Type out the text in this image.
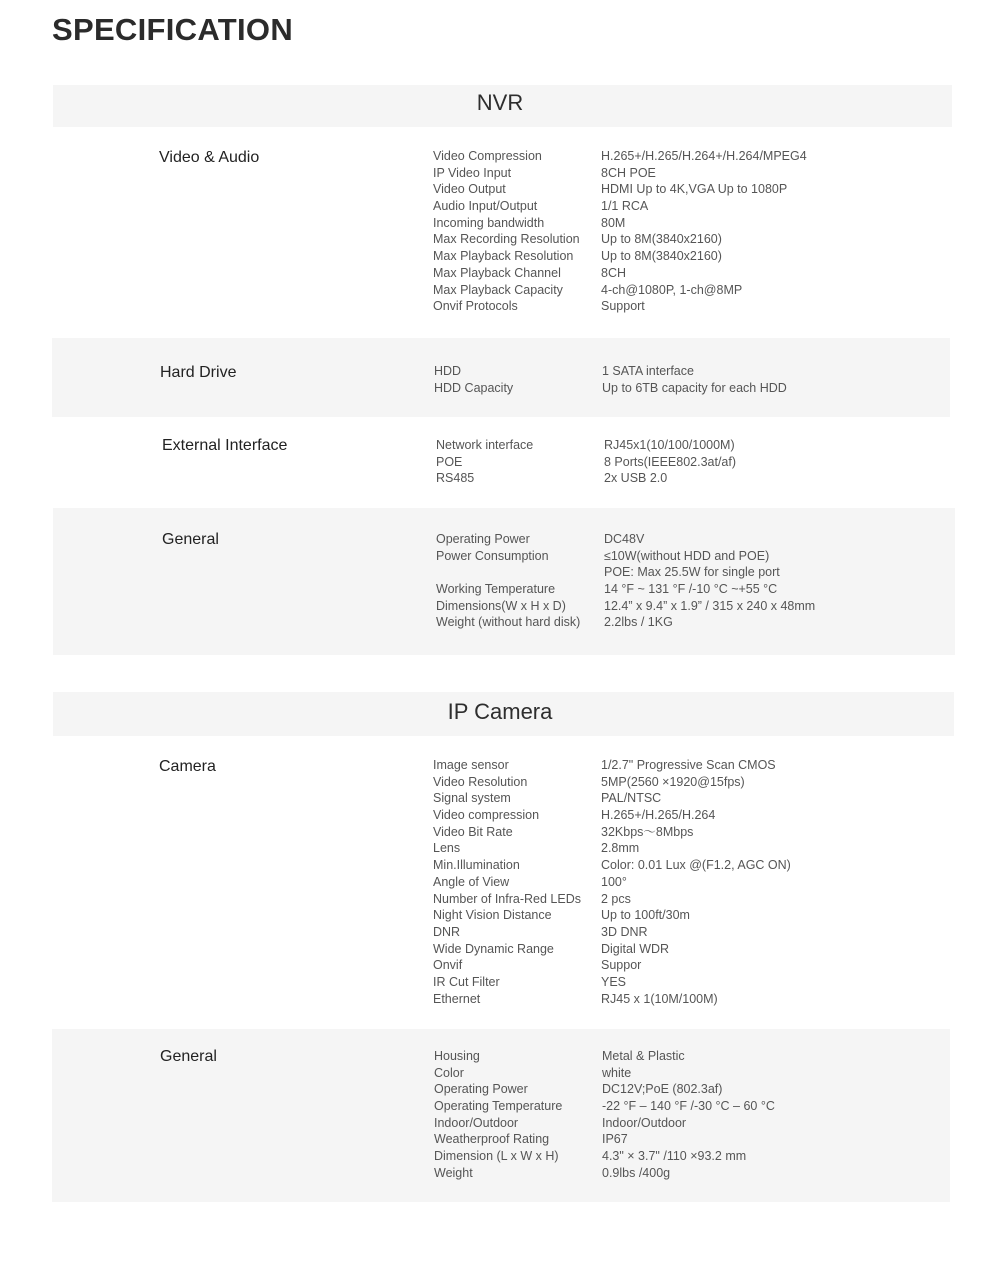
SPECIFICATION
NVR
IP Camera
Video & Audio
Hard Drive
External Interface
General
Camera
General
Video Compression	H.265+/H.265/H.264+/H.264/MPEG4
IP Video Input	8CH POE
Video Output	HDMI Up to 4K,VGA Up to 1080P
Audio Input/Output	1/1 RCA
Incoming bandwidth	80M
Max Recording Resolution Up to 8M(3840x2160)
Max Playback Resolution Up to 8M(3840x2160)
Max Playback Channel	8CH
Max Playback Capacity	4-ch@1080P, 1-ch@8MP
Onvif Protocols	Support
HDD	1 SATA interface
HDD Capacity	Up to 6TB capacity for each HDD
Network interface	RJ45x1(10/100/1000M)
POE	8 Ports(IEEE802.3at/af)
RS485	2x USB 2.0
Operating Power	DC48V
Power Consumption	≤10W(without HDD and POE)
POE: Max 25.5W for single port
Working Temperature	14 °F ~ 131 °F /-10 °C ~+55 °C
Dimensions(W x H x D)	12.4” x 9.4” x 1.9” / 315 x 240 x 48mm
Weight (without hard disk) 2.2lbs / 1KG
Image sensor	1/2.7" Progressive Scan CMOS
Video Resolution	5MP(2560 ×1920@15fps)
Signal system	PAL/NTSC
Video compression	H.265+/H.265/H.264
Video Bit Rate	32Kbps～8Mbps
Lens	2.8mm
Min.Illumination	Color: 0.01 Lux @(F1.2, AGC ON)
Angle of View	100°
Number of Infra-Red LEDs 2 pcs
Night Vision Distance	Up to 100ft/30m
DNR	3D DNR
Wide Dynamic Range	Digital WDR
Onvif	Suppor
IR Cut Filter	YES
Ethernet	RJ45 x 1(10M/100M)
Housing	Metal & Plastic
Color	white
Operating Power	DC12V;PoE (802.3af)
Operating Temperature	-22 °F – 140 °F /-30 °C – 60 °C
Indoor/Outdoor	Indoor/Outdoor
Weatherproof Rating	IP67
Dimension (L x W x H)	4.3" × 3.7" /110 ×93.2 mm
Weight	0.9lbs /400g
